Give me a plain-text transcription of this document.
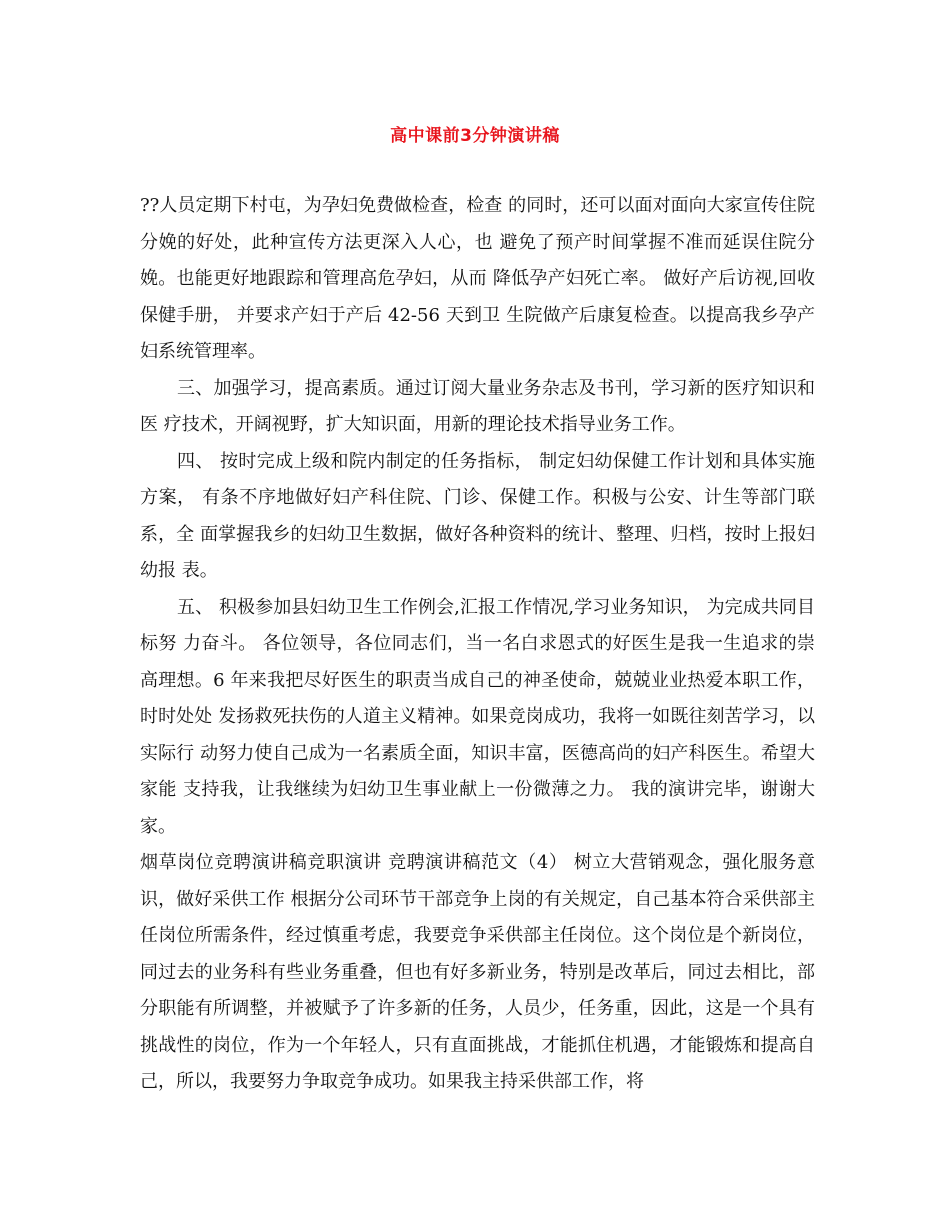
高中课前3分钟演讲稿

??人员定期下村屯，为孕妇免费做检查，检查 的同时，还可以面对面向大家宣传住院分娩的好处，此种宣传方法更深入人心，也 避免了预产时间掌握不准而延误住院分娩。也能更好地跟踪和管理高危孕妇，从而 降低孕产妇死亡率。 做好产后访视,回收保健手册， 并要求产妇于产后 42-56 天到卫 生院做产后康复检查。以提高我乡孕产妇系统管理率。

三、加强学习，提高素质。通过订阅大量业务杂志及书刊，学习新的医疗知识和医 疗技术，开阔视野，扩大知识面，用新的理论技术指导业务工作。

四、 按时完成上级和院内制定的任务指标， 制定妇幼保健工作计划和具体实施方案， 有条不序地做好妇产科住院、门诊、保健工作。积极与公安、计生等部门联系，全 面掌握我乡的妇幼卫生数据，做好各种资料的统计、整理、归档，按时上报妇幼报 表。

五、 积极参加县妇幼卫生工作例会,汇报工作情况,学习业务知识， 为完成共同目标努 力奋斗。 各位领导，各位同志们，当一名白求恩式的好医生是我一生追求的崇高理想。6 年来我把尽好医生的职责当成自己的神圣使命，兢兢业业热爱本职工作，时时处处 发扬救死扶伤的人道主义精神。如果竞岗成功，我将一如既往刻苦学习，以实际行 动努力使自己成为一名素质全面，知识丰富，医德高尚的妇产科医生。希望大家能 支持我，让我继续为妇幼卫生事业献上一份微薄之力。 我的演讲完毕，谢谢大家。

烟草岗位竞聘演讲稿竞职演讲 竞聘演讲稿范文（4） 树立大营销观念，强化服务意识，做好采供工作 根据分公司环节干部竞争上岗的有关规定，自己基本符合采供部主任岗位所需条件，经过慎重考虑，我要竞争采供部主任岗位。这个岗位是个新岗位，同过去的业务科有些业务重叠，但也有好多新业务，特别是改革后，同过去相比，部分职能有所调整，并被赋予了许多新的任务，人员少，任务重，因此，这是一个具有挑战性的岗位，作为一个年轻人，只有直面挑战，才能抓住机遇，才能锻炼和提高自己，所以，我要努力争取竞争成功。如果我主持采供部工作，将
